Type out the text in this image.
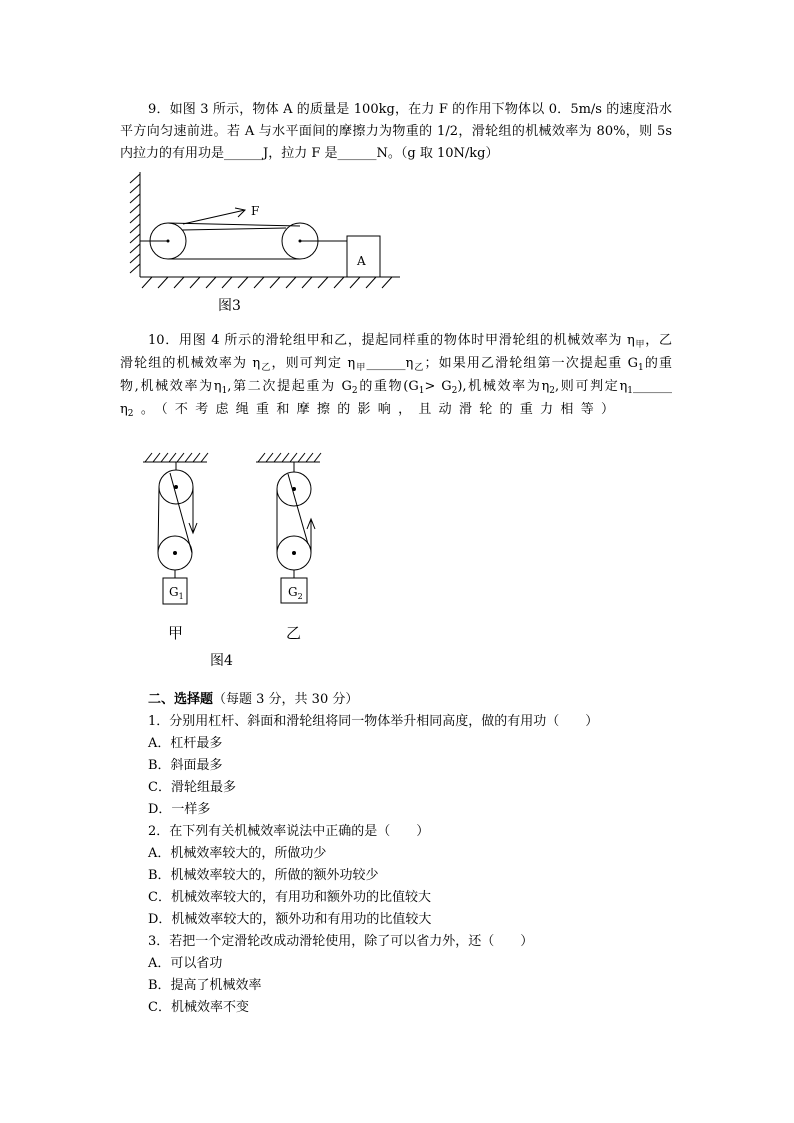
9．如图 3 所示，物体 A 的质量是 100kg，在力 F 的作用下物体以 0．5m/s 的速度沿水
平方向匀速前进。若 A 与水平面间的摩擦力为物重的 1/2，滑轮组的机械效率为 80%，则 5s
内拉力的有用功是______J，拉力 F 是______N。（g 取 10N/kg）
F
A
图3
10．用图 4 所示的滑轮组甲和乙，提起同样重的物体时甲滑轮组的机械效率为 $\eta_甲$，乙
滑轮组的机械效率为 $\eta_乙$，则可判定 $\eta_甲\_\_\_\_\_\_\eta_乙$；如果用乙滑轮组第一次提起重 $G_1$的重
物,机械效率为$\eta_1$,第二次提起重为 $G_2$的重物$(G_1> G_2)$,机械效率为$\eta_2$,则可判定$\eta_1\_\_\_\_\_\_$
$\eta_2$。（不考虑绳重和摩擦的影响，且动滑轮的重力相等）
$G_1$	$G_2$
甲	乙
图4
二、选择题（每题 3 分，共 30 分）
1．分别用杠杆、斜面和滑轮组将同一物体举升相同高度，做的有用功（　　）
A．杠杆最多
B．斜面最多
C．滑轮组最多
D．一样多
2．在下列有关机械效率说法中正确的是（　　）
A．机械效率较大的，所做功少
B．机械效率较大的，所做的额外功较少
C．机械效率较大的，有用功和额外功的比值较大
D．机械效率较大的，额外功和有用功的比值较大
3．若把一个定滑轮改成动滑轮使用，除了可以省力外，还（　　）
A．可以省功
B．提高了机械效率
C．机械效率不变
